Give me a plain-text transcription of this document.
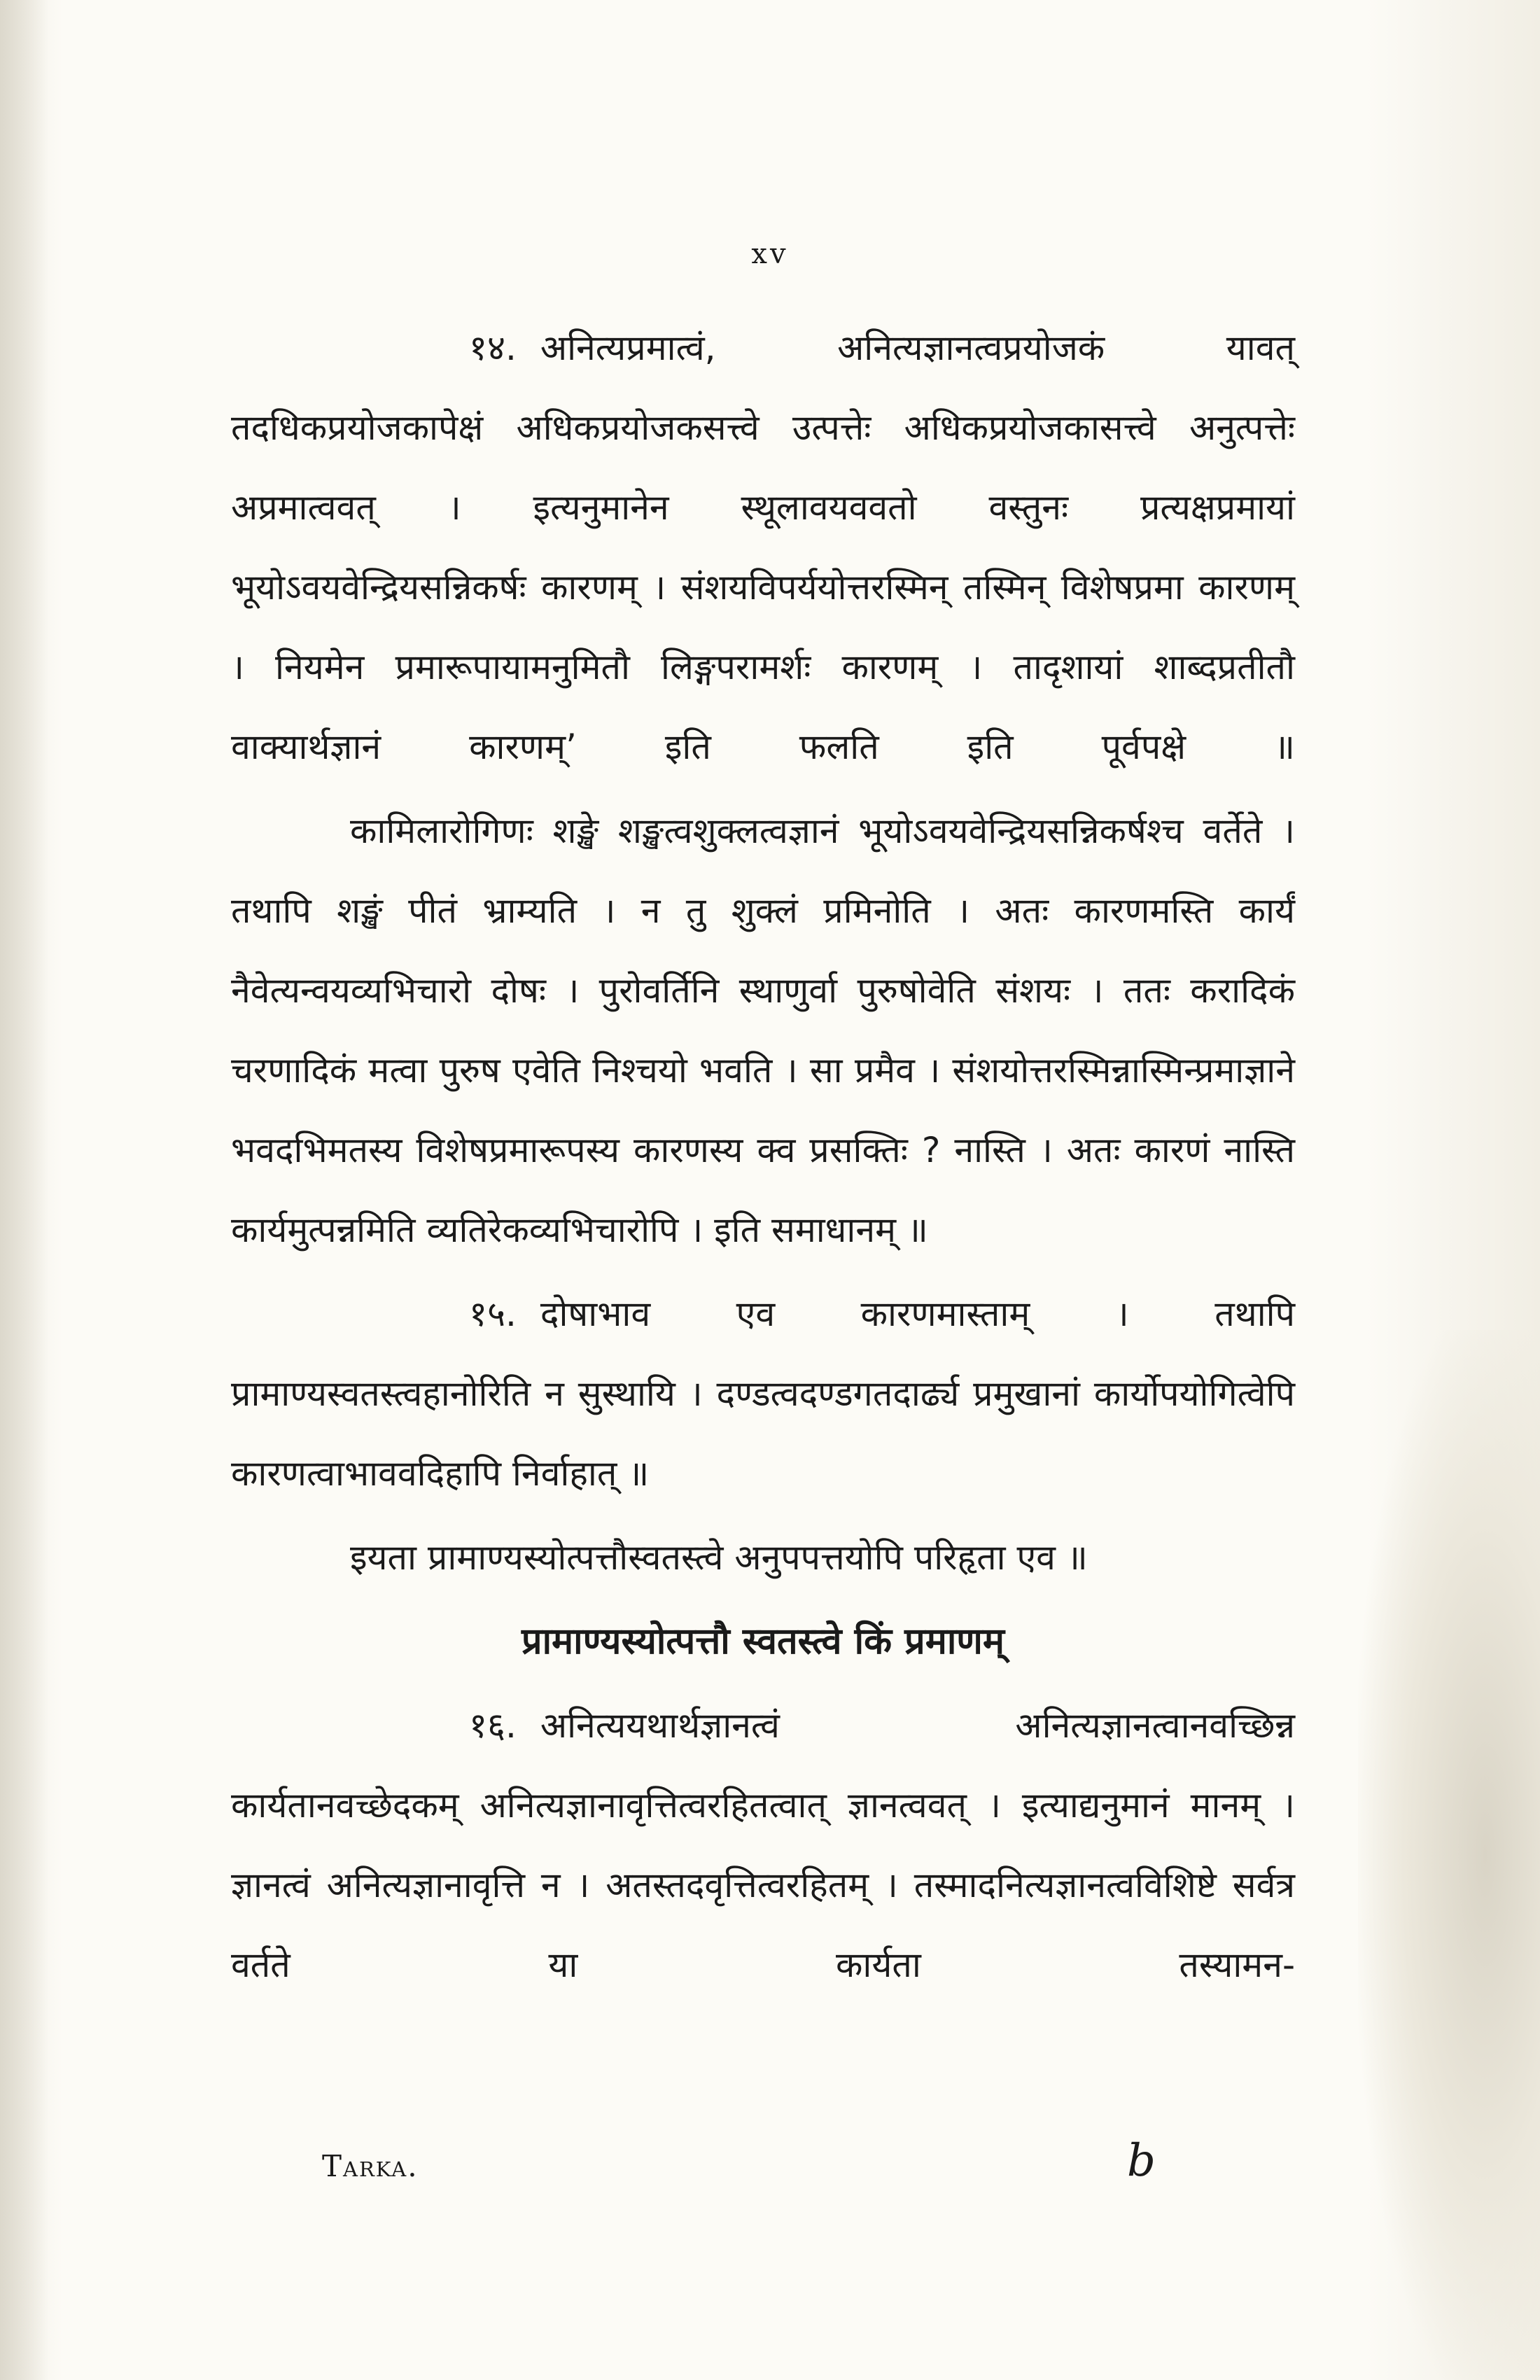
xv

१४. अनित्यप्रमात्वं, अनित्यज्ञानत्वप्रयोजकं यावत् तदधिकप्रयोजकापेक्षं अधिकप्रयोजकसत्त्वे उत्पत्तेः अधिकप्रयोजकासत्त्वे अनुत्पत्तेः अप्रमात्ववत् । इत्यनुमानेन स्थूलावयववतो वस्तुनः प्रत्यक्षप्रमायां भूयोऽवयवेन्द्रियसन्निकर्षः कारणम् । संशयविपर्ययोत्तरस्मिन् तस्मिन् विशेषप्रमा कारणम् । नियमेन प्रमारूपायामनुमितौ लिङ्गपरामर्शः कारणम् । तादृशायां शाब्दप्रतीतौ वाक्यार्थज्ञानं कारणम्’ इति फलति इति पूर्वपक्षे ॥

कामिलारोगिणः शङ्खे शङ्खत्वशुक्लत्वज्ञानं भूयोऽवयवेन्द्रियसन्निकर्षश्च वर्तेते । तथापि शङ्खं पीतं भ्राम्यति । न तु शुक्लं प्रमिनोति । अतः कारणमस्ति कार्यं नैवेत्यन्वयव्यभिचारो दोषः । पुरोवर्तिनि स्थाणुर्वा पुरुषोवेति संशयः । ततः करादिकं चरणादिकं मत्वा पुरुष एवेति निश्चयो भवति । सा प्रमैव । संशयोत्तरस्मिन्नास्मिन्प्रमाज्ञाने भवदभिमतस्य विशेषप्रमारूपस्य कारणस्य क्व प्रसक्तिः ? नास्ति । अतः कारणं नास्ति कार्यमुत्पन्नमिति व्यतिरेकव्यभिचारोपि । इति समाधानम् ॥

१५. दोषाभाव एव कारणमास्ताम् । तथापि प्रामाण्यस्वतस्त्वहानोरिति न सुस्थायि । दण्डत्वदण्डगतदार्ढ्य प्रमुखानां कार्योपयोगित्वेपि कारणत्वाभाववदिहापि निर्वाहात् ॥

इयता प्रामाण्यस्योत्पत्तौस्वतस्त्वे अनुपपत्तयोपि परिहृता एव ॥

प्रामाण्यस्योत्पत्तौ स्वतस्त्वे किं प्रमाणम्

१६. अनित्ययथार्थज्ञानत्वं अनित्यज्ञानत्वानवच्छिन्न कार्यतानवच्छेदकम् अनित्यज्ञानावृत्तित्वरहितत्वात् ज्ञानत्ववत् । इत्याद्यनुमानं मानम् । ज्ञानत्वं अनित्यज्ञानावृत्ति न । अतस्तदवृत्तित्वरहितम् । तस्मादनित्यज्ञानत्वविशिष्टे सर्वत्र वर्तते या कार्यता तस्यामन-

Tarka.	b
